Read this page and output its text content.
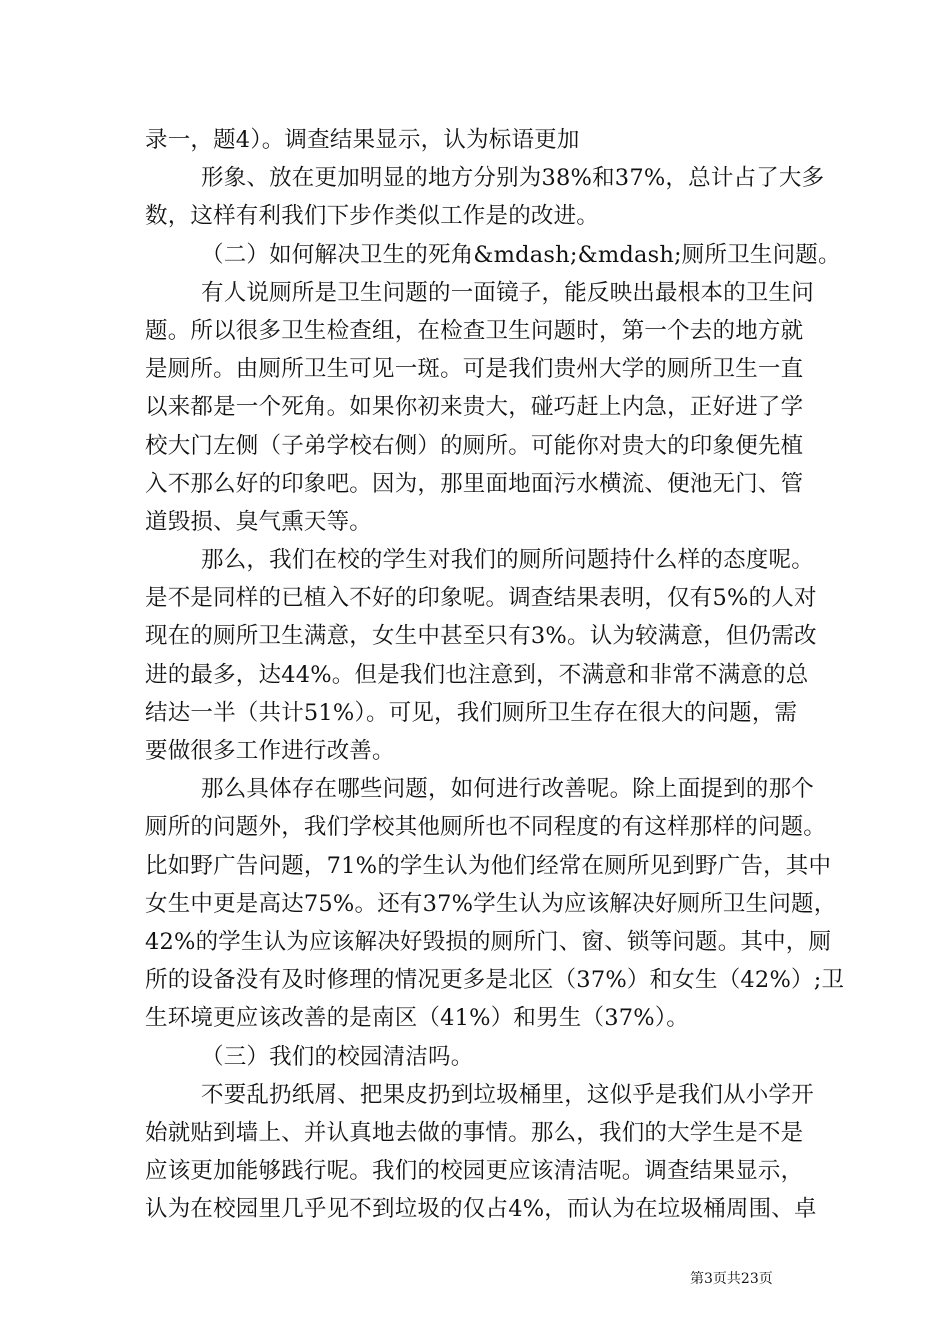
录一，题4）。调查结果显示，认为标语更加
形象、放在更加明显的地方分别为38%和37%，总计占了大多
数，这样有利我们下步作类似工作是的改进。
（二）如何解决卫生的死角&mdash;&mdash;厕所卫生问题。
有人说厕所是卫生问题的一面镜子，能反映出最根本的卫生问
题。所以很多卫生检查组，在检查卫生问题时，第一个去的地方就
是厕所。由厕所卫生可见一斑。可是我们贵州大学的厕所卫生一直
以来都是一个死角。如果你初来贵大，碰巧赶上内急，正好进了学
校大门左侧（子弟学校右侧）的厕所。可能你对贵大的印象便先植
入不那么好的印象吧。因为，那里面地面污水横流、便池无门、管
道毁损、臭气熏天等。
那么，我们在校的学生对我们的厕所问题持什么样的态度呢。
是不是同样的已植入不好的印象呢。调查结果表明，仅有5%的人对
现在的厕所卫生满意，女生中甚至只有3%。认为较满意，但仍需改
进的最多，达44%。但是我们也注意到，不满意和非常不满意的总
结达一半（共计51%）。可见，我们厕所卫生存在很大的问题，需
要做很多工作进行改善。
那么具体存在哪些问题，如何进行改善呢。除上面提到的那个
厕所的问题外，我们学校其他厕所也不同程度的有这样那样的问题。
比如野广告问题，71%的学生认为他们经常在厕所见到野广告，其中
女生中更是高达75%。还有37%学生认为应该解决好厕所卫生问题，
42%的学生认为应该解决好毁损的厕所门、窗、锁等问题。其中，厕
所的设备没有及时修理的情况更多是北区（37%）和女生（42%）;卫
生环境更应该改善的是南区（41%）和男生（37%）。
（三）我们的校园清洁吗。
不要乱扔纸屑、把果皮扔到垃圾桶里，这似乎是我们从小学开
始就贴到墙上、并认真地去做的事情。那么，我们的大学生是不是
应该更加能够践行呢。我们的校园更应该清洁呢。调查结果显示，
认为在校园里几乎见不到垃圾的仅占4%，而认为在垃圾桶周围、卓
第3页共23页
